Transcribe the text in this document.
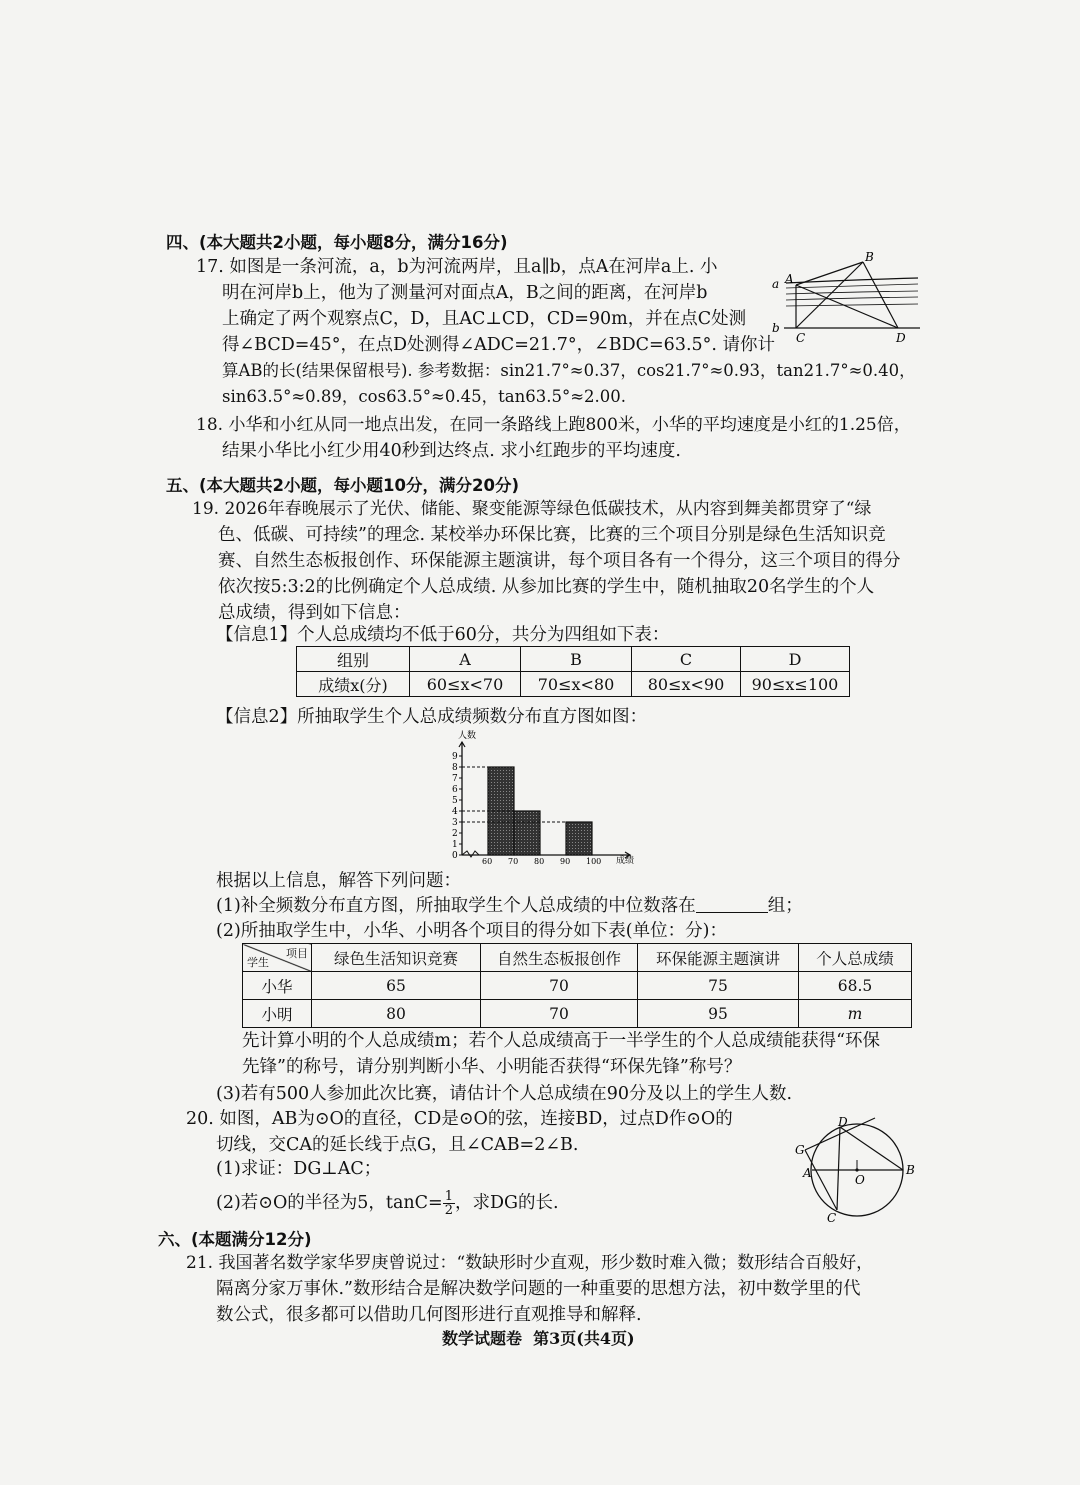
四、(本大题共2小题，每小题8分，满分16分)
17. 如图是一条河流，a，b为河流两岸，且a∥b，点A在河岸a上. 小
明在河岸b上，他为了测量河对面点A，B之间的距离，在河岸b
上确定了两个观察点C，D，且AC⊥CD，CD=90m，并在点C处测
得∠BCD=45°，在点D处测得∠ADC=21.7°，∠BDC=63.5°. 请你计
算AB的长(结果保留根号). 参考数据：sin21.7°≈0.37，cos21.7°≈0.93，tan21.7°≈0.40，
sin63.5°≈0.89，cos63.5°≈0.45，tan63.5°≈2.00.
a
b
A
B
C	D
18. 小华和小红从同一地点出发，在同一条路线上跑800米，小华的平均速度是小红的1.25倍，
结果小华比小红少用40秒到达终点. 求小红跑步的平均速度.
五、(本大题共2小题，每小题10分，满分20分)
19. 2026年春晚展示了光伏、储能、聚变能源等绿色低碳技术，从内容到舞美都贯穿了“绿
色、低碳、可持续”的理念. 某校举办环保比赛，比赛的三个项目分别是绿色生活知识竞
赛、自然生态板报创作、环保能源主题演讲，每个项目各有一个得分，这三个项目的得分
依次按5:3:2的比例确定个人总成绩. 从参加比赛的学生中，随机抽取20名学生的个人
总成绩，得到如下信息：
【信息1】个人总成绩均不低于60分，共分为四组如下表：
组别	A	B	C	D
成绩x(分)	60≤x<70	70≤x<80	80≤x<90	90≤x≤100
【信息2】所抽取学生个人总成绩频数分布直方图如图：
0
1
2
3
4
5
6
7
8
9
60 70 80 90 100
人数
成绩
根据以上信息，解答下列问题：
(1)补全频数分布直方图，所抽取学生个人总成绩的中位数落在	组；
(2)所抽取学生中，小华、小明各个项目的得分如下表(单位：分)：
项目
学生	绿色生活知识竞赛	自然生态板报创作	环保能源主题演讲	个人总成绩
小华	65	70	75	68.5
小明	80	70	95	m
先计算小明的个人总成绩m；若个人总成绩高于一半学生的个人总成绩能获得“环保
先锋”的称号，请分别判断小华、小明能否获得“环保先锋”称号？
(3)若有500人参加此次比赛，请估计个人总成绩在90分及以上的学生人数.
20. 如图，AB为⊙O的直径，CD是⊙O的弦，连接BD，过点D作⊙O的
切线，交CA的延长线于点G，且∠CAB=2∠B.
(1)求证：DG⊥AC；
(2)若⊙O的半径为5，$\tan C= \frac{1}{2}$ ，求DG的长.
G
D
A	O
B
C
六、(本题满分12分)
21. 我国著名数学家华罗庚曾说过：“数缺形时少直观，形少数时难入微；数形结合百般好，
隔离分家万事休.”数形结合是解决数学问题的一种重要的思想方法，初中数学里的代
数公式，很多都可以借助几何图形进行直观推导和解释.
数学试题卷  第3页(共4页)
